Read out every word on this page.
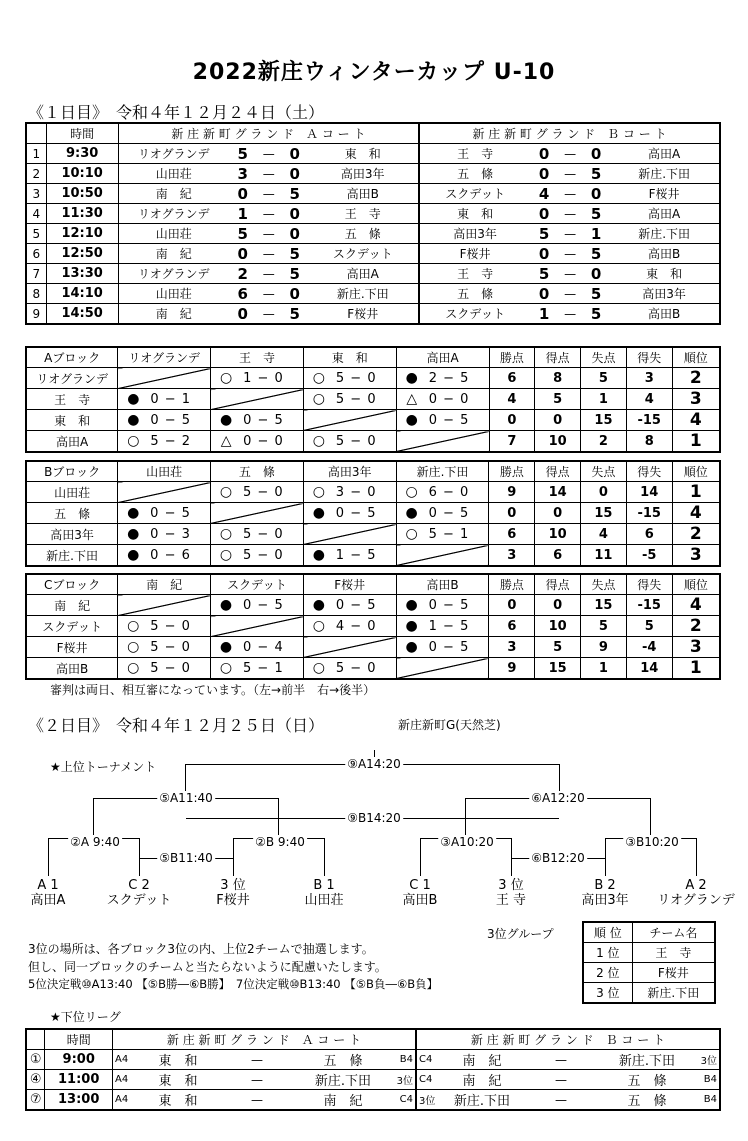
2022新庄ウィンターカップ U-10
《１日目》　令和４年１２月２４日（土）
	時間	新 庄 新 町 グ ラ ン ド　Ａ コ ー ト	新 庄 新 町 グ ラ ン ド　Ｂ コ ー ト
1	9:30	リオグランデ 5 — 0 東　和	王　寺 0 — 0 高田A

2	10:10	山田荘 3 — 0 高田3年	五　條 0 — 5 新庄.下田

3	10:50	南　紀 0 — 5 高田B	スクデット 4 — 0 F桜井

4	11:30	リオグランデ 1 — 0 王　寺	東　和 0 — 5 高田A

5	12:10	山田荘 5 — 0 五　條	高田3年 5 — 1 新庄.下田

6	12:50	南　紀 0 — 5 スクデット	F桜井 0 — 5 高田B

7	13:30	リオグランデ 2 — 5 高田A	王　寺 5 — 0 東　和

8	14:10	山田荘 6 — 0 新庄.下田	五　條 0 — 5 高田3年

9	14:50	南　紀 0 — 5 F桜井	スクデット 1 — 5 高田B
Aブロック	リオグランデ	王　寺	東　和	高田A	勝点	得点	失点	得失	順位
リオグランデ		○ 1 − 0	○ 5 − 0	● 2 − 5	6	8	5	3	2
王　寺	● 0 − 1		○ 5 − 0	△ 0 − 0	4	5	1	4	3
東　和	● 0 − 5	● 0 − 5		● 0 − 5	0	0	15	-15	4
高田A	○ 5 − 2	△ 0 − 0	○ 5 − 0		7	10	2	8	1
Bブロック	山田荘	五　條	高田3年	新庄.下田	勝点	得点	失点	得失	順位
山田荘		○ 5 − 0	○ 3 − 0	○ 6 − 0	9	14	0	14	1
五　條	● 0 − 5		● 0 − 5	● 0 − 5	0	0	15	-15	4
高田3年	● 0 − 3	○ 5 − 0		○ 5 − 1	6	10	4	6	2
新庄.下田	● 0 − 6	○ 5 − 0	● 1 − 5		3	6	11	-5	3
Cブロック	南　紀	スクデット	F桜井	高田B	勝点	得点	失点	得失	順位
南　紀		● 0 − 5	● 0 − 5	● 0 − 5	0	0	15	-15	4
スクデット	○ 5 − 0		○ 4 − 0	● 1 − 5	6	10	5	5	2
F桜井	○ 5 − 0	● 0 − 4		● 0 − 5	3	5	9	-4	3
高田B	○ 5 − 0	○ 5 − 1	○ 5 − 0		9	15	1	14	1
審判は両日、相互審になっています。（左→前半　右→後半）
《２日目》　令和４年１２月２５日（日）	新庄新町G(天然芝)
★上位トーナメント	⑨A14:20
⑤A11:40	⑥A12:20
⑨B14:20
②A 9:40	②B 9:40	③A10:20	③B10:20
⑤B11:40	⑥B12:20
A 1
高田A
C 2
スクデット
3 位
F桜井
B 1
山田荘
C 1
高田B
3 位
王 寺
B 2
高田3年
A 2
リオグランデ
3位グループ	順 位	チーム名
1 位	王　寺
2 位	F桜井
3 位	新庄.下田
3位の場所は、各ブロック3位の内、上位2チームで抽選します。
但し、同一ブロックのチームと当たらないように配慮いたします。
5位決定戦⑩A13:40 【⑤B勝―⑥B勝】　7位決定戦⑩B13:40 【⑤B負―⑥B負】
★下位リーグ
	時間	新 庄 新 町 グ ラ ン ド　Ａ コ ー ト	新 庄 新 町 グ ラ ン ド　Ｂ コ ー ト
①	9:00	A4 東　和 — 五　條 B4	C4 南　紀 — 新庄.下田 3位

④	11:00	A4 東　和 — 新庄.下田 3位	C4 南　紀 — 五　條 B4

⑦	13:00	A4 東　和 — 南　紀 C4	3位 新庄.下田 — 五　條 B4
